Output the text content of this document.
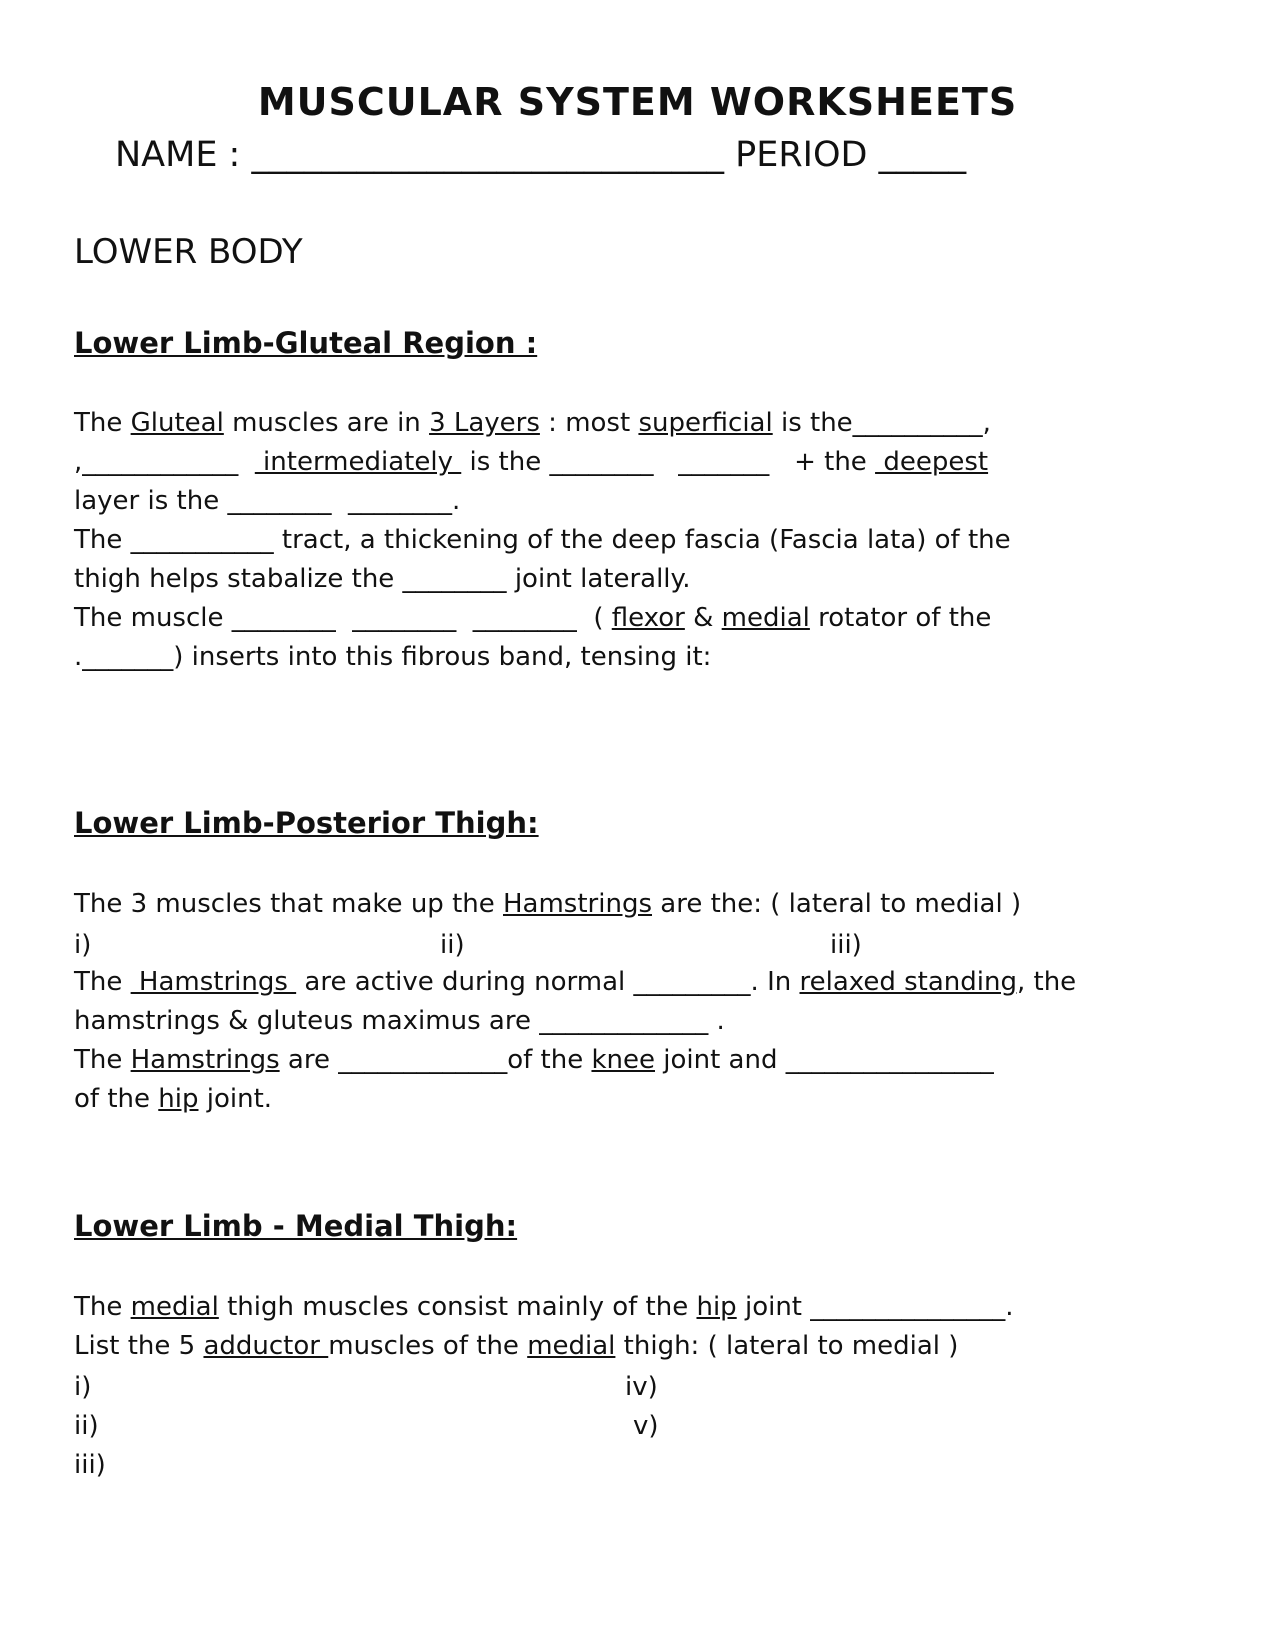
MUSCULAR SYSTEM WORKSHEETS
NAME : ___________________________ PERIOD _____
LOWER BODY
Lower Limb-Gluteal Region :
The Gluteal muscles are in 3 Layers : most superficial is the__________,
,____________   intermediately  is the ________   _______   + the  deepest
layer is the ________  ________.
The ___________ tract, a thickening of the deep fascia (Fascia lata) of the
thigh helps stabalize the ________ joint laterally.
The muscle ________  ________  ________  ( flexor & medial rotator of the
._______) inserts into this fibrous band, tensing it:
Lower Limb-Posterior Thigh:
The 3 muscles that make up the Hamstrings are the: ( lateral to medial )
i)	ii)	iii)
The  Hamstrings  are active during normal _________. In relaxed standing, the
hamstrings & gluteus maximus are _____________ .
The Hamstrings are _____________of the knee joint and ________________
of the hip joint.
Lower Limb - Medial Thigh:
The medial thigh muscles consist mainly of the hip joint _______________.
List the 5 adductor muscles of the medial thigh: ( lateral to medial )
i)	iv)
ii)	v)
iii)
